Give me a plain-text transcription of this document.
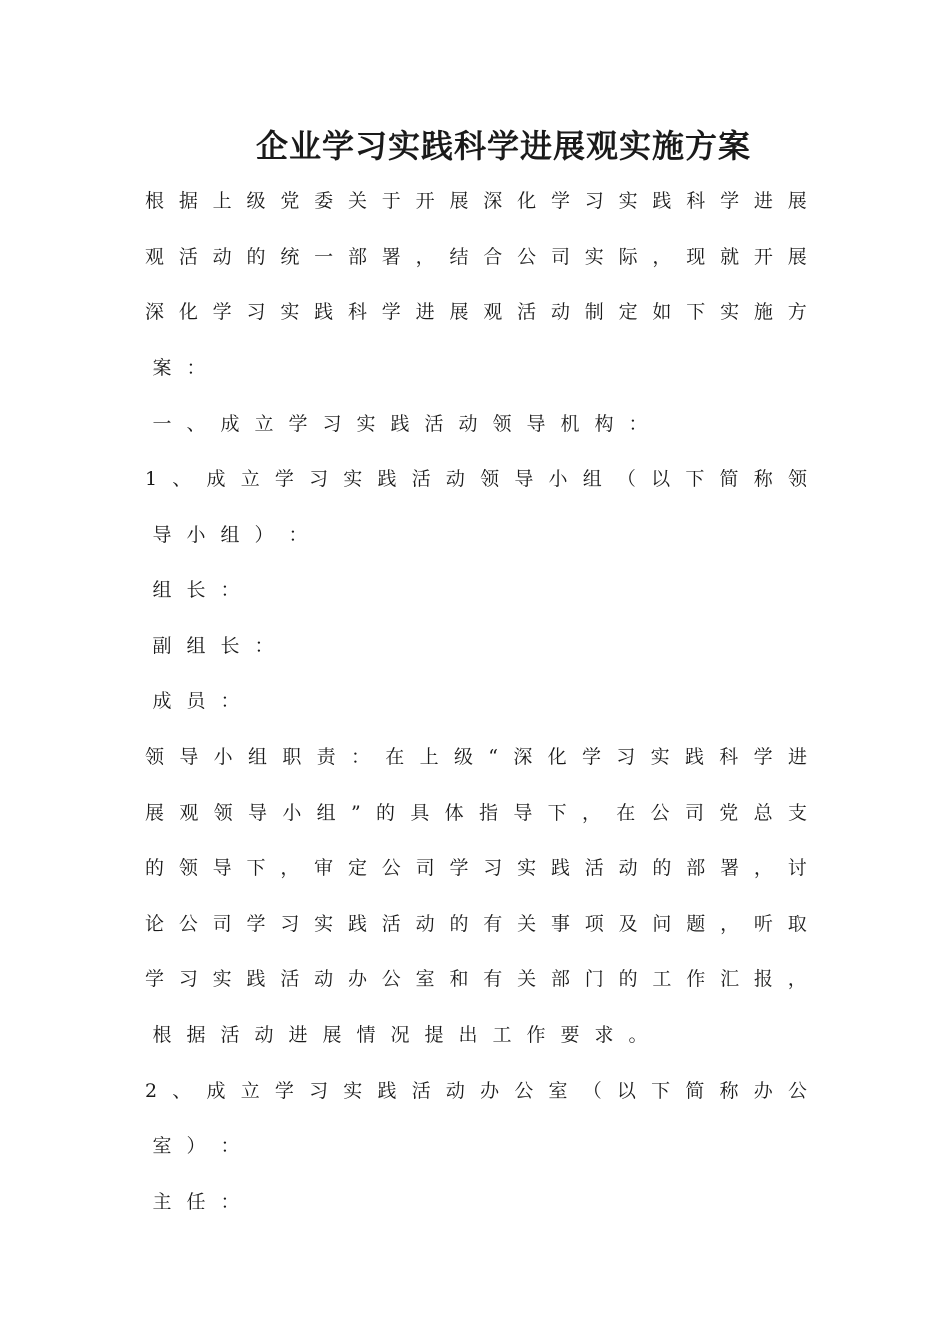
企业学习实践科学进展观实施方案
根 据 上 级 党 委 关 于 开 展 深 化 学 习 实 践 科 学 进 展
观 活 动 的 统 一 部 署 ， 结 合 公 司 实 际 ， 现 就 开 展
深 化 学 习 实 践 科 学 进 展 观 活 动 制 定 如 下 实 施 方
案 ：
一 、 成 立 学 习 实 践 活 动 领 导 机 构 ：
1 、 成 立 学 习 实 践 活 动 领 导 小 组 （ 以 下 简 称 领
导 小 组 ） ：
组 长 ：
副 组 长 ：
成 员 ：
领 导 小 组 职 责 ： 在 上 级 “ 深 化 学 习 实 践 科 学 进
展 观 领 导 小 组 ” 的 具 体 指 导 下 ， 在 公 司 党 总 支
的 领 导 下 ， 审 定 公 司 学 习 实 践 活 动 的 部 署 ， 讨
论 公 司 学 习 实 践 活 动 的 有 关 事 项 及 问 题 ， 听 取
学 习 实 践 活 动 办 公 室 和 有 关 部 门 的 工 作 汇 报 ，
根 据 活 动 进 展 情 况 提 出 工 作 要 求 。
2 、 成 立 学 习 实 践 活 动 办 公 室 （ 以 下 简 称 办 公
室 ） ：
主 任 ：
